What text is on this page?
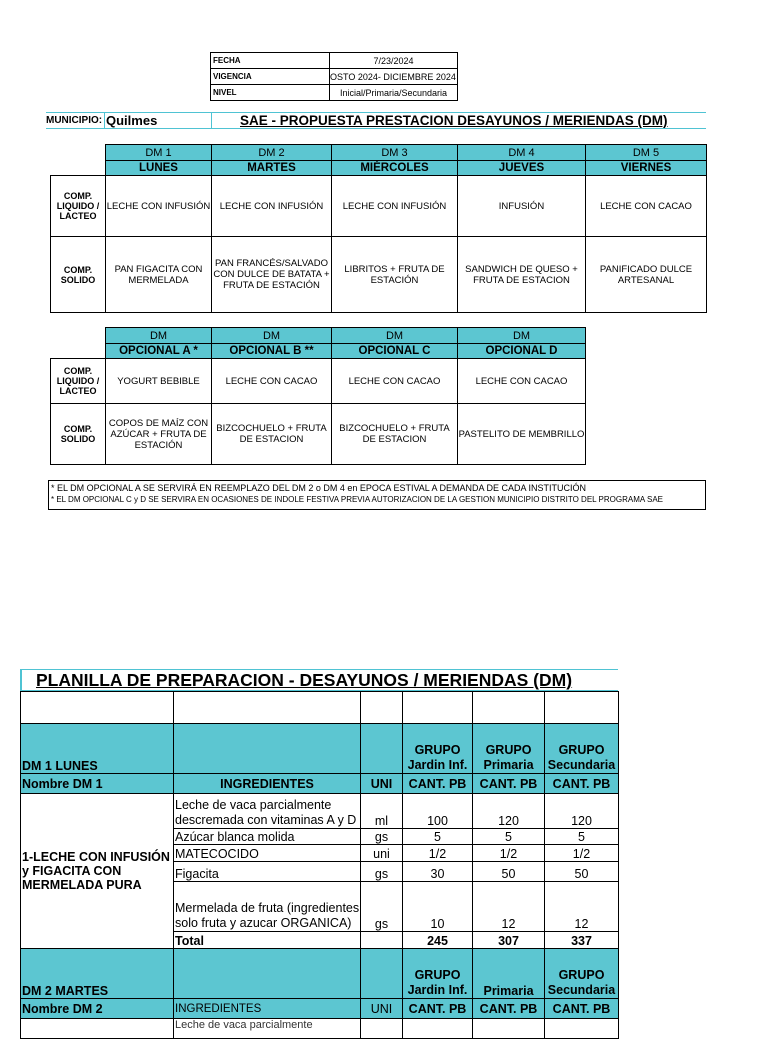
FECHA	7/23/2024
VIGENCIA	OSTO 2024- DICIEMBRE 2024
NIVEL	Inicial/Primaria/Secundaria
MUNICIPIO: Quilmes	SAE - PROPUESTA PRESTACION DESAYUNOS / MERIENDAS (DM)
	DM 1	DM 2	DM 3	DM 4	DM 5
	LUNES	MARTES	MIÉRCOLES	JUEVES	VIERNES
COMP. LIQUIDO / LACTEO	LECHE CON INFUSIÓN	LECHE CON INFUSIÓN	LECHE CON INFUSIÓN	INFUSIÓN	LECHE CON CACAO
COMP. SOLIDO	PAN FIGACITA CON MERMELADA	PAN FRANCÉS/SALVADO CON DULCE DE BATATA + FRUTA DE ESTACIÓN	LIBRITOS + FRUTA DE ESTACIÓN	SANDWICH DE QUESO + FRUTA DE ESTACION	PANIFICADO DULCE ARTESANAL
	DM	DM	DM	DM
	OPCIONAL A *	OPCIONAL B **	OPCIONAL C	OPCIONAL D
COMP. LIQUIDO / LACTEO	YOGURT BEBIBLE	LECHE CON CACAO	LECHE CON CACAO	LECHE CON CACAO
COMP. SOLIDO	COPOS DE MAÍZ CON AZÚCAR + FRUTA DE ESTACIÓN	BIZCOCHUELO + FRUTA DE ESTACION	BIZCOCHUELO + FRUTA DE ESTACION	PASTELITO DE MEMBRILLO
* EL DM OPCIONAL A SE SERVIRÁ EN REEMPLAZO DEL DM 2 o DM 4 en EPOCA ESTIVAL A DEMANDA DE CADA INSTITUCIÓN
* EL DM OPCIONAL C y D SE SERVIRA EN OCASIONES DE INDOLE FESTIVA PREVIA AUTORIZACION DE LA GESTION MUNICIPIO DISTRITO DEL PROGRAMA SAE
PLANILLA DE PREPARACION - DESAYUNOS / MERIENDAS (DM)

DM 1 LUNES			GRUPO Jardin Inf.	GRUPO Primaria	GRUPO Secundaria
Nombre DM 1	INGREDIENTES	UNI	CANT. PB	CANT. PB	CANT. PB
1-LECHE CON INFUSIÓN y FIGACITA CON MERMELADA PURA	Leche de vaca parcialmente descremada con vitaminas A y D	ml	100	120	120
	Azúcar blanca molida	gs	5	5	5
	MATECOCIDO	uni	1/2	1/2	1/2
	Figacita	gs	30	50	50
	Mermelada de fruta (ingredientes solo fruta y azucar ORGANICA)	gs	10	12	12
	Total		245	307	337
DM 2 MARTES			GRUPO Jardin Inf.	Primaria	GRUPO Secundaria
Nombre DM 2	INGREDIENTES	UNI	CANT. PB	CANT. PB	CANT. PB
	Leche de vaca parcialmente				
